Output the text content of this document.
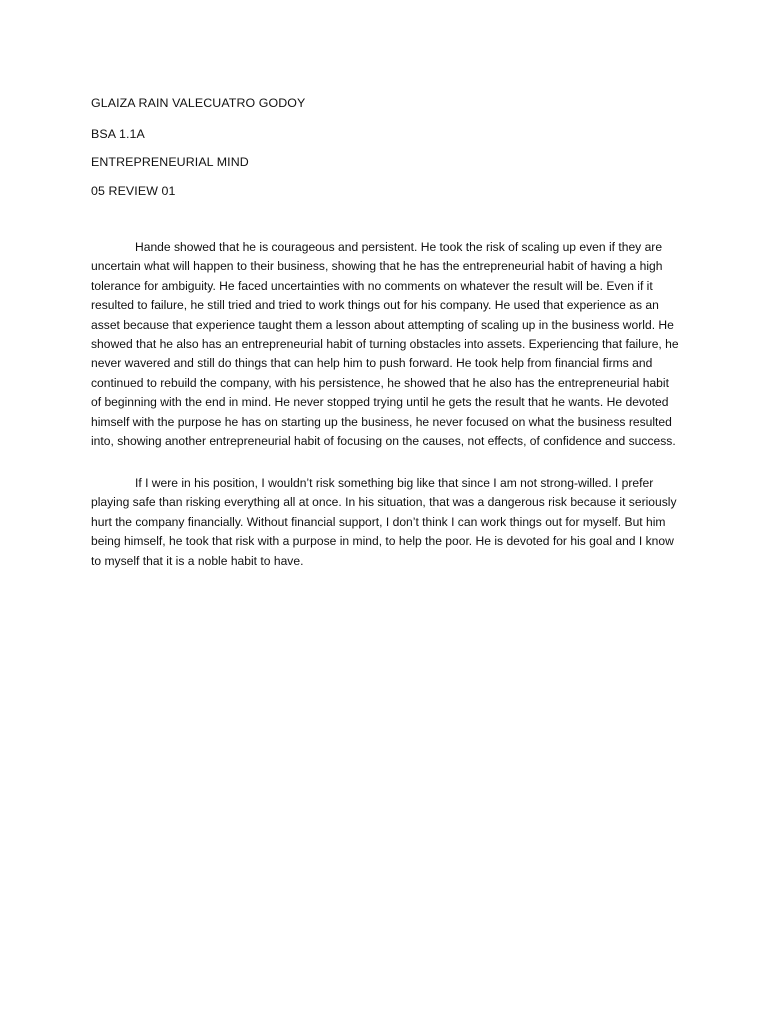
GLAIZA RAIN VALECUATRO GODOY
BSA 1.1A
ENTREPRENEURIAL MIND
05 REVIEW 01

Hande showed that he is courageous and persistent. He took the risk of scaling up even if they are uncertain what will happen to their business, showing that he has the entrepreneurial habit of having a high tolerance for ambiguity. He faced uncertainties with no comments on whatever the result will be. Even if it resulted to failure, he still tried and tried to work things out for his company. He used that experience as an asset because that experience taught them a lesson about attempting of scaling up in the business world. He showed that he also has an entrepreneurial habit of turning obstacles into assets. Experiencing that failure, he never wavered and still do things that can help him to push forward. He took help from financial firms and continued to rebuild the company, with his persistence, he showed that he also has the entrepreneurial habit of beginning with the end in mind. He never stopped trying until he gets the result that he wants. He devoted himself with the purpose he has on starting up the business, he never focused on what the business resulted into, showing another entrepreneurial habit of focusing on the causes, not effects, of confidence and success.

If I were in his position, I wouldn’t risk something big like that since I am not strong-willed. I prefer playing safe than risking everything all at once. In his situation, that was a dangerous risk because it seriously hurt the company financially. Without financial support, I don’t think I can work things out for myself. But him being himself, he took that risk with a purpose in mind, to help the poor. He is devoted for his goal and I know to myself that it is a noble habit to have.
